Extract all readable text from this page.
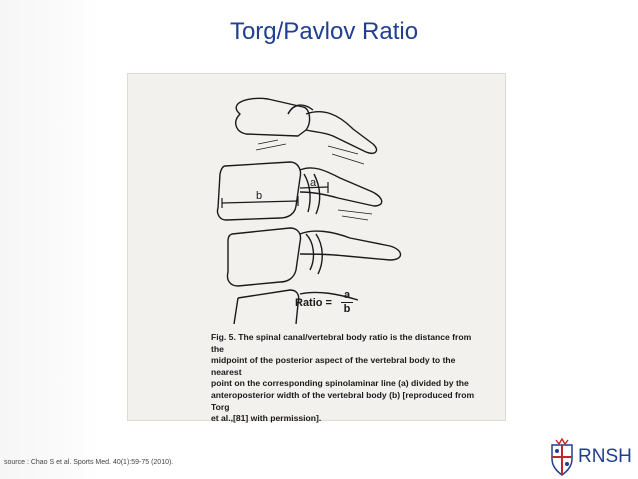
Torg/Pavlov Ratio
b
a
Ratio = $\frac{a}{b}$
Fig. 5. The spinal canal/vertebral body ratio is the distance from the
midpoint of the posterior aspect of the vertebral body to the nearest
point on the corresponding spinolaminar line (a) divided by the
anteroposterior width of the vertebral body (b) [reproduced from Torg
et al.,[81] with permission].
source : Chao S et al. Sports Med. 40(1):59-75 (2010).	RNSH
